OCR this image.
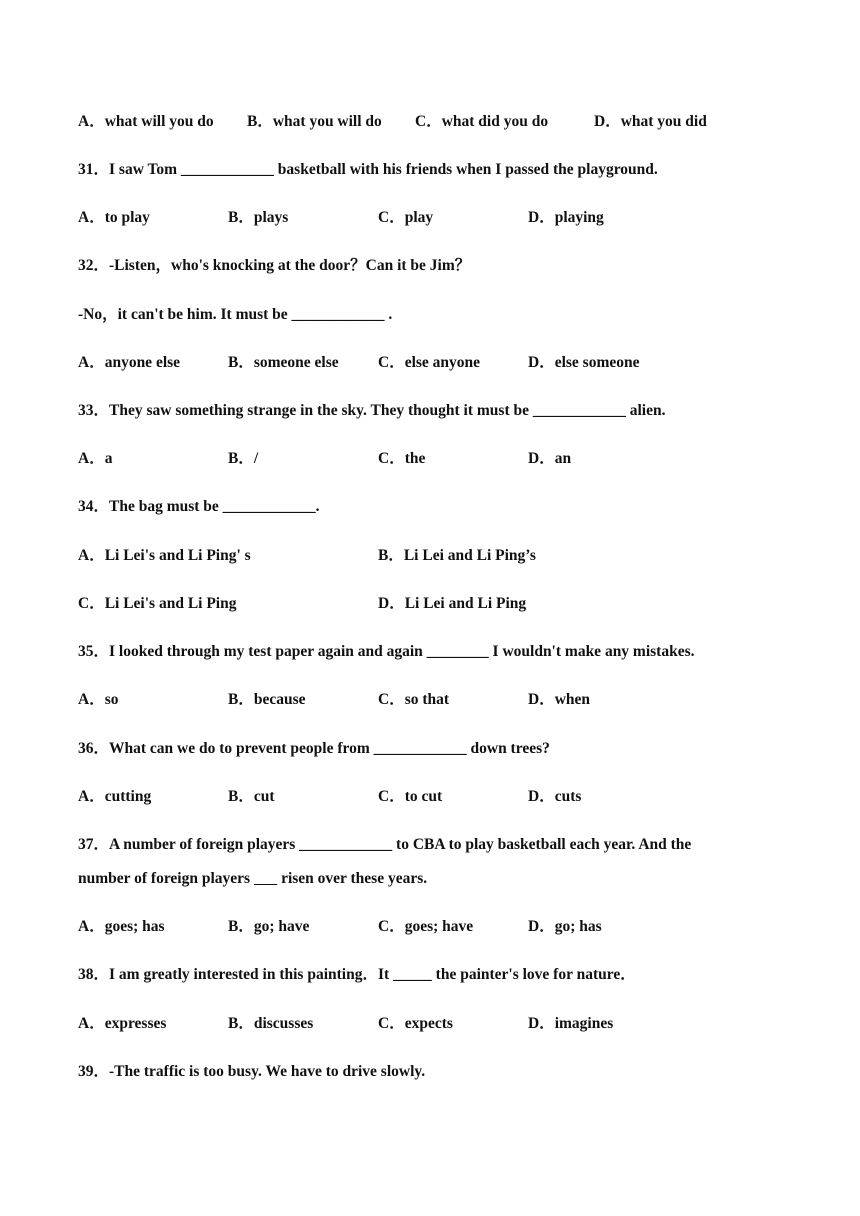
A．what will you do B．what you will do C．what did you do	D．what you did
31．I saw Tom ____________ basketball with his friends when I passed the playground.
A．to play	B．plays	C．play	D．playing
32．-Listen，who's knocking at the door？Can it be Jim？
-No，it can't be him. It must be ____________ .
A．anyone else	B．someone else	C．else anyone	D．else someone
33．They saw something strange in the sky. They thought it must be ____________ alien.
A．a	B．/	C．the	D．an
34．The bag must be ____________.
A．Li Lei's and Li Ping' s	B．Li Lei and Li Ping’s
C．Li Lei's and Li Ping	D．Li Lei and Li Ping
35．I looked through my test paper again and again ________ I wouldn't make any mistakes.
A．so	B．because	C．so that	D．when
36．What can we do to prevent people from ____________ down trees?
A．cutting	B．cut	C．to cut	D．cuts
37．A number of foreign players ____________ to CBA to play basketball each year. And the
number of foreign players        risen over these years.
A．goes; has	B．go; have	C．goes; have	D．go; has
38．I am greatly interested in this painting．It _____ the painter's love for nature．
A．expresses	B．discusses	C．expects	D．imagines
39．-The traffic is too busy. We have to drive slowly.
